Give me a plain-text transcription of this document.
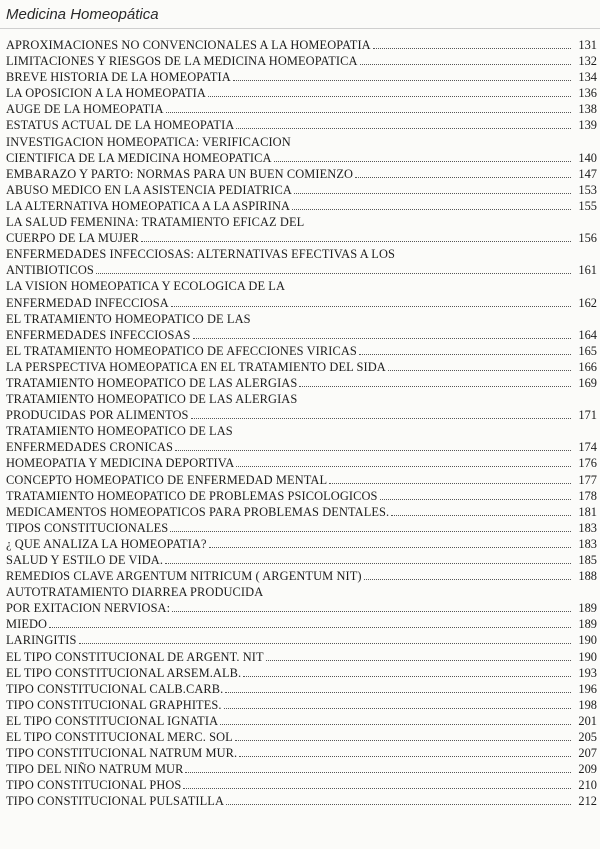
Medicina Homeopática
APROXIMACIONES NO CONVENCIONALES A LA HOMEOPATIA	131
LIMITACIONES Y RIESGOS DE LA MEDICINA HOMEOPATICA	132
BREVE HISTORIA DE LA HOMEOPATIA	134
LA OPOSICION A LA HOMEOPATIA	136
AUGE DE LA HOMEOPATIA	138
ESTATUS ACTUAL DE LA HOMEOPATIA	139
INVESTIGACION HOMEOPATICA: VERIFICACION
CIENTIFICA DE LA MEDICINA HOMEOPATICA	140
EMBARAZO Y PARTO: NORMAS PARA UN BUEN COMIENZO	147
ABUSO MEDICO EN LA ASISTENCIA PEDIATRICA	153
LA ALTERNATIVA HOMEOPATICA A LA ASPIRINA	155
LA SALUD FEMENINA: TRATAMIENTO EFICAZ DEL
CUERPO DE LA MUJER	156
ENFERMEDADES INFECCIOSAS: ALTERNATIVAS EFECTIVAS A LOS
ANTIBIOTICOS	161
LA VISION HOMEOPATICA Y ECOLOGICA DE LA
ENFERMEDAD INFECCIOSA	162
EL TRATAMIENTO HOMEOPATICO DE LAS
ENFERMEDADES INFECCIOSAS	164
EL TRATAMIENTO HOMEOPATICO DE AFECCIONES VIRICAS	165
LA PERSPECTIVA HOMEOPATICA EN EL TRATAMIENTO DEL SIDA	166
TRATAMIENTO HOMEOPATICO DE LAS ALERGIAS	169
TRATAMIENTO HOMEOPATICO DE LAS ALERGIAS
PRODUCIDAS POR ALIMENTOS	171
TRATAMIENTO HOMEOPATICO DE LAS
ENFERMEDADES CRONICAS	174
HOMEOPATIA Y MEDICINA DEPORTIVA	176
CONCEPTO HOMEOPATICO DE ENFERMEDAD MENTAL	177
TRATAMIENTO HOMEOPATICO DE PROBLEMAS PSICOLOGICOS	178
MEDICAMENTOS HOMEOPATICOS PARA PROBLEMAS DENTALES.	181
TIPOS CONSTITUCIONALES	183
¿ QUE ANALIZA LA HOMEOPATIA?	183
SALUD Y ESTILO DE VIDA.	185
REMEDIOS CLAVE ARGENTUM NITRICUM ( ARGENTUM NIT)	188
AUTOTRATAMIENTO DIARREA PRODUCIDA
POR EXITACION NERVIOSA:	189
MIEDO	189
LARINGITIS	190
EL TIPO CONSTITUCIONAL DE ARGENT. NIT	190
EL TIPO CONSTITUCIONAL ARSEM.ALB.	193
TIPO CONSTITUCIONAL CALB.CARB.	196
TIPO CONSTITUCIONAL GRAPHITES.	198
EL TIPO CONSTITUCIONAL IGNATIA	201
EL TIPO CONSTITUCIONAL MERC. SOL	205
TIPO CONSTITUCIONAL NATRUM MUR.	207
TIPO DEL NIÑO NATRUM MUR	209
TIPO CONSTITUCIONAL PHOS	210
TIPO CONSTITUCIONAL PULSATILLA	212
